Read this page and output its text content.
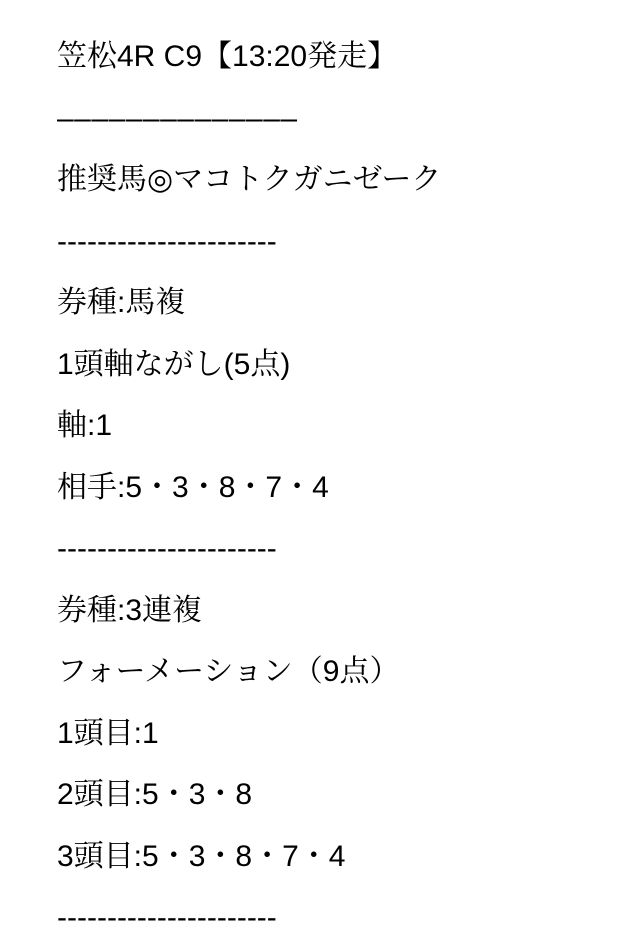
笠松4R C9【13:20発走】
––––––––––––––
推奨馬◎マコトクガニゼーク
----------------------
券種:馬複
1頭軸ながし(5点)
軸:1
相手:5・3・8・7・4
----------------------
券種:3連複
フォーメーション（9点）
1頭目:1
2頭目:5・3・8
3頭目:5・3・8・7・4
----------------------
